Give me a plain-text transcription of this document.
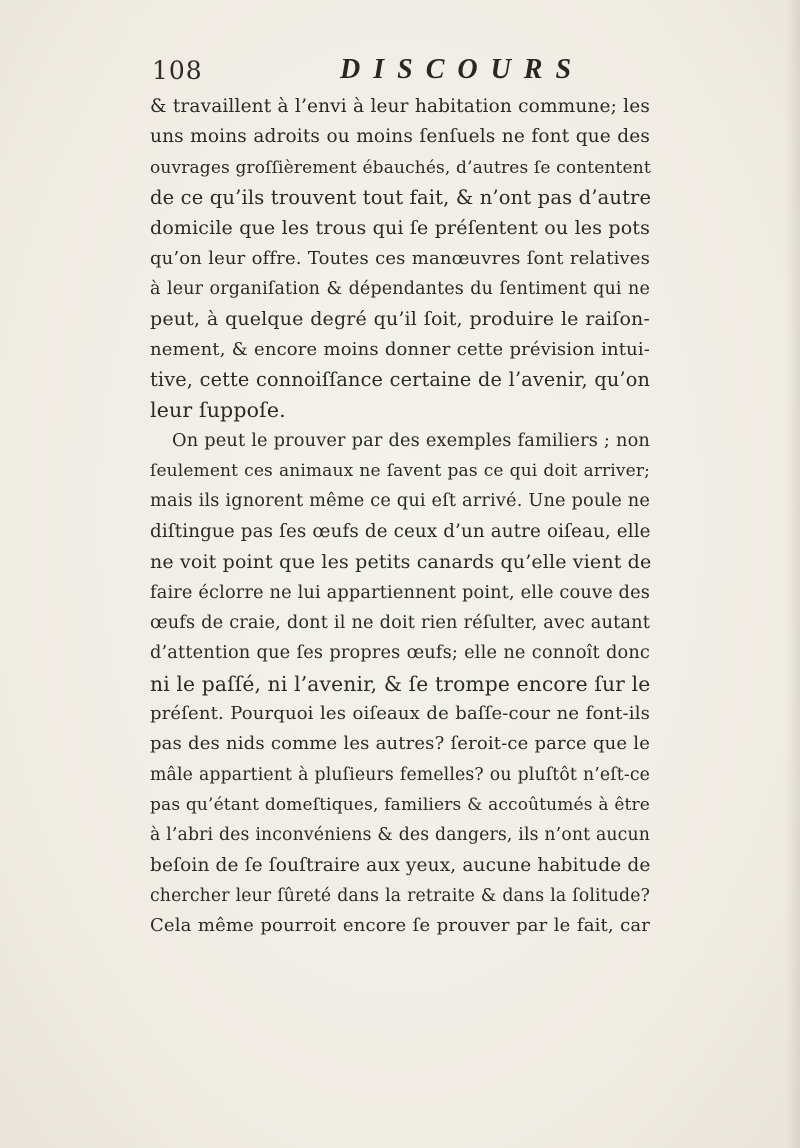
108	DISCOURS
& travaillent à l’envi à leur habitation commune; les
uns moins adroits ou moins ſenſuels ne font que des
ouvrages groſſièrement ébauchés, d’autres ſe contentent
de ce qu’ils trouvent tout fait, & n’ont pas d’autre
domicile que les trous qui ſe préſentent ou les pots
qu’on leur offre. Toutes ces manœuvres ſont relatives
à leur organiſation & dépendantes du ſentiment qui ne
peut, à quelque degré qu’il ſoit, produire le raiſon-
nement, & encore moins donner cette prévision intui-
tive, cette connoiſſance certaine de l’avenir, qu’on
leur ſuppoſe.
On peut le prouver par des exemples familiers ; non
ſeulement ces animaux ne ſavent pas ce qui doit arriver;
mais ils ignorent même ce qui eſt arrivé. Une poule ne
diſtingue pas ſes œufs de ceux d’un autre oiſeau, elle
ne voit point que les petits canards qu’elle vient de
faire éclorre ne lui appartiennent point, elle couve des
œufs de craie, dont il ne doit rien réſulter, avec autant
d’attention que ſes propres œufs; elle ne connoît donc
ni le paſſé, ni l’avenir, & ſe trompe encore ſur le
préſent. Pourquoi les oiſeaux de baſſe-cour ne font-ils
pas des nids comme les autres? ſeroit-ce parce que le
mâle appartient à pluſieurs femelles? ou pluſtôt n’eſt-ce
pas qu’étant domeſtiques, familiers & accoûtumés à être
à l’abri des inconvéniens & des dangers, ils n’ont aucun
beſoin de ſe ſouſtraire aux yeux, aucune habitude de
chercher leur ſûreté dans la retraite & dans la ſolitude?
Cela même pourroit encore ſe prouver par le fait, car
